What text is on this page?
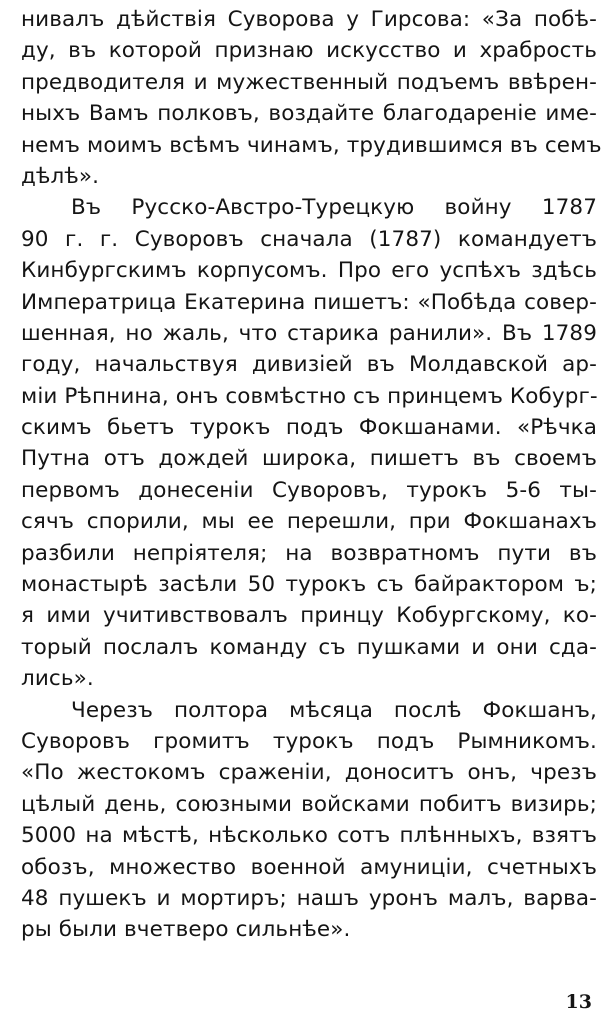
нивалъ дѣйствія Суворова у Гирсова: «За побѣ-
ду, въ которой признаю искусство и храбрость
предводителя и мужественный подъемъ ввѣрен-
ныхъ Вамъ полковъ, воздайте благодареніе име-
немъ моимъ всѣмъ чинамъ, трудившимся въ семъ
дѣлѣ».
Въ Русско-Австро-Турецкую войну 1787
90 г. г. Суворовъ сначала (1787) командуетъ
Кинбургскимъ корпусомъ. Про его успѣхъ здѣсь
Императрица Екатерина пишетъ: «Побѣда совер-
шенная, но жаль, что старика ранили». Въ 1789
году, начальствуя дивизіей въ Молдавской ар-
міи Рѣпнина, онъ совмѣстно съ принцемъ Кобург-
скимъ бьетъ турокъ подъ Фокшанами. «Рѣчка
Путна отъ дождей широка, пишетъ въ своемъ
первомъ донесеніи Суворовъ, турокъ 5-6 ты-
сячъ спорили, мы ее перешли, при Фокшанахъ
разбили непріятеля; на возвратномъ пути въ
монастырѣ засѣли 50 турокъ съ байрактором ъ;
я ими учитивствовалъ принцу Кобургскому, ко-
торый послалъ команду съ пушками и они сда-
лись».
Черезъ полтора мѣсяца послѣ Фокшанъ,
Суворовъ громитъ турокъ подъ Рымникомъ.
«По жестокомъ сраженіи, доноситъ онъ, чрезъ
цѣлый день, союзными войсками побитъ визирь;
5000 на мѣстѣ, нѣсколько сотъ плѣнныхъ, взятъ
обозъ, множество военной амуниціи, счетныхъ
48 пушекъ и мортиръ; нашъ уронъ малъ, варва-
ры были вчетверо сильнѣе».
13
